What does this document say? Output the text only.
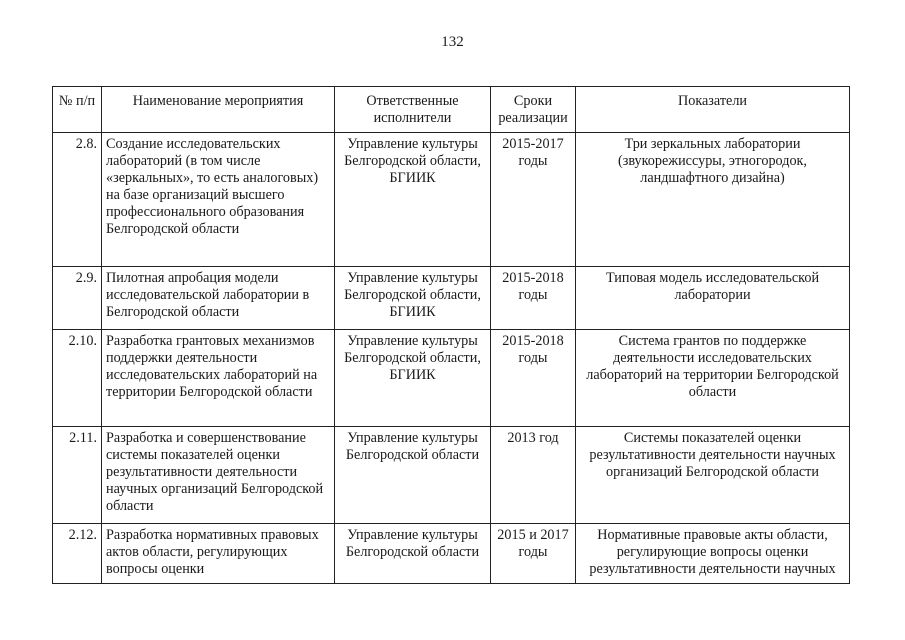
132
№ п/п	Наименование мероприятия	Ответственные исполнители	Сроки реализации	Показатели
2.8.	Создание исследовательских лабораторий (в том числе «зеркальных», то есть аналоговых) на базе организаций высшего профессионального образования Белгородской области	Управление культуры Белгородской области, БГИИК	2015-2017 годы	Три зеркальных лаборатории (звукорежиссуры, этногородок, ландшафтного дизайна)
2.9.	Пилотная апробация модели исследовательской лаборатории в Белгородской области	Управление культуры Белгородской области, БГИИК	2015-2018 годы	Типовая модель исследовательской лаборатории
2.10.	Разработка грантовых механизмов поддержки деятельности исследовательских лабораторий на территории Белгородской области	Управление культуры Белгородской области, БГИИК	2015-2018 годы	Система грантов по поддержке деятельности исследовательских лабораторий на территории Белгородской области
2.11.	Разработка и совершенствование системы показателей оценки результативности деятельности научных организаций Белгородской области	Управление культуры Белгородской области	2013 год	Системы показателей оценки результативности деятельности научных организаций Белгородской области
2.12.	Разработка нормативных правовых актов области, регулирующих вопросы оценки	Управление культуры Белгородской области	2015 и 2017 годы	Нормативные правовые акты области, регулирующие вопросы оценки результативности деятельности научных
